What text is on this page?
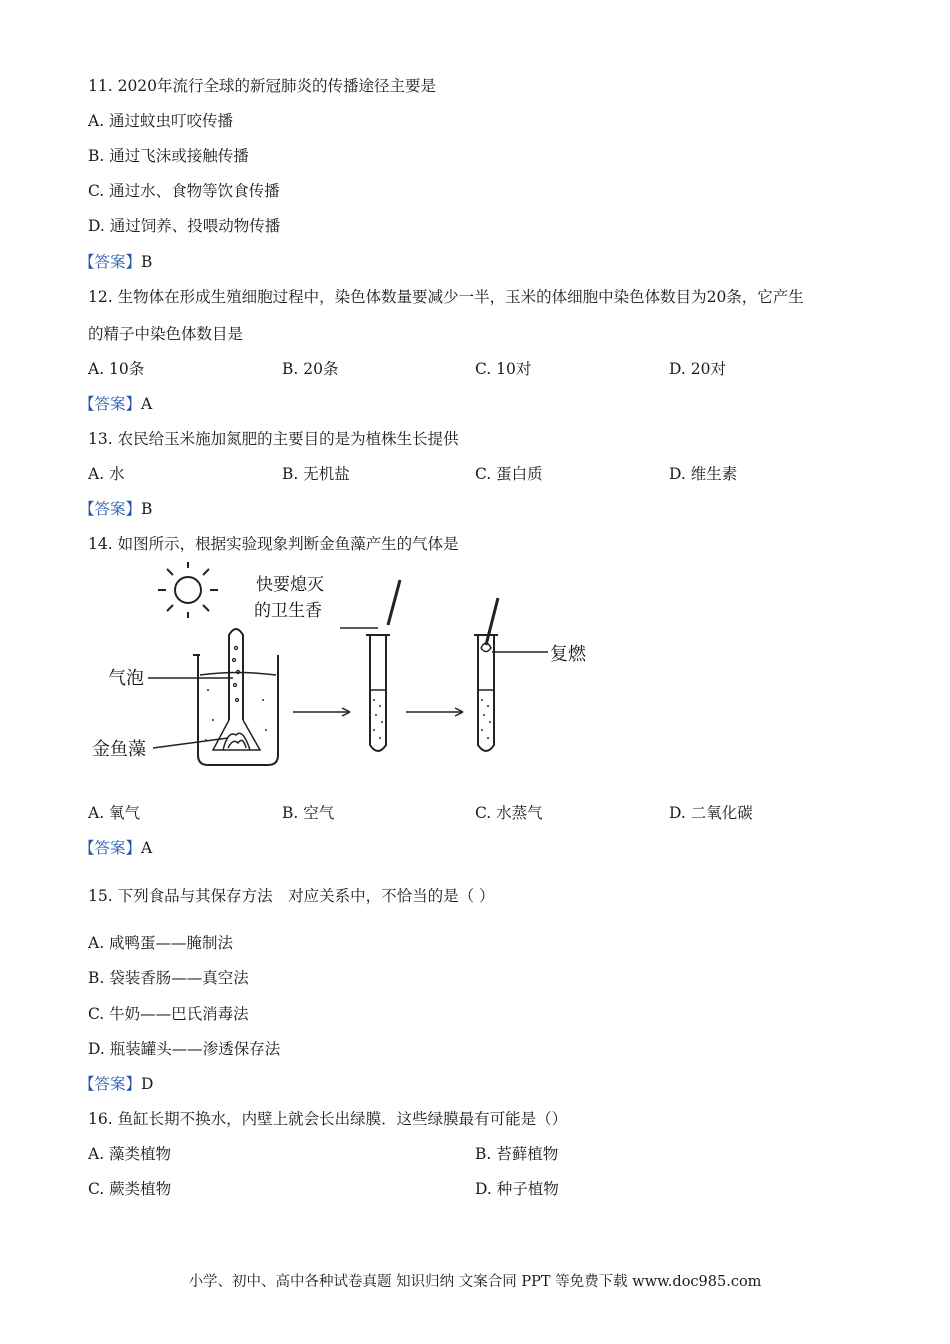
11. 2020年流行全球的新冠肺炎的传播途径主要是
A. 通过蚊虫叮咬传播
B. 通过飞沫或接触传播
C. 通过水、食物等饮食传播
D. 通过饲养、投喂动物传播
【答案】B
12. 生物体在形成生殖细胞过程中，染色体数量要减少一半，玉米的体细胞中染色体数目为20条，它产生
的精子中染色体数目是
A. 10条	B. 20条	C. 10对	D. 20对
【答案】A
13. 农民给玉米施加氮肥的主要目的是为植株生长提供
A. 水	B. 无机盐	C. 蛋白质	D. 维生素
【答案】B
14. 如图所示，根据实验现象判断金鱼藻产生的气体是
快要熄灭
的卫生香
气泡
金鱼藻
复燃
A. 氧气	B. 空气	C. 水蒸气	D. 二氧化碳
【答案】A
15. 下列食品与其保存方法　对应关系中，不恰当的是（ ）
A. 咸鸭蛋——腌制法
B. 袋装香肠——真空法
C. 牛奶——巴氏消毒法
D. 瓶装罐头——渗透保存法
【答案】D
16. 鱼缸长期不换水，内壁上就会长出绿膜．这些绿膜最有可能是（）
A. 藻类植物	B. 苔藓植物
C. 蕨类植物	D. 种子植物
小学、初中、高中各种试卷真题 知识归纳 文案合同 PPT 等免费下载 www.doc985.com
